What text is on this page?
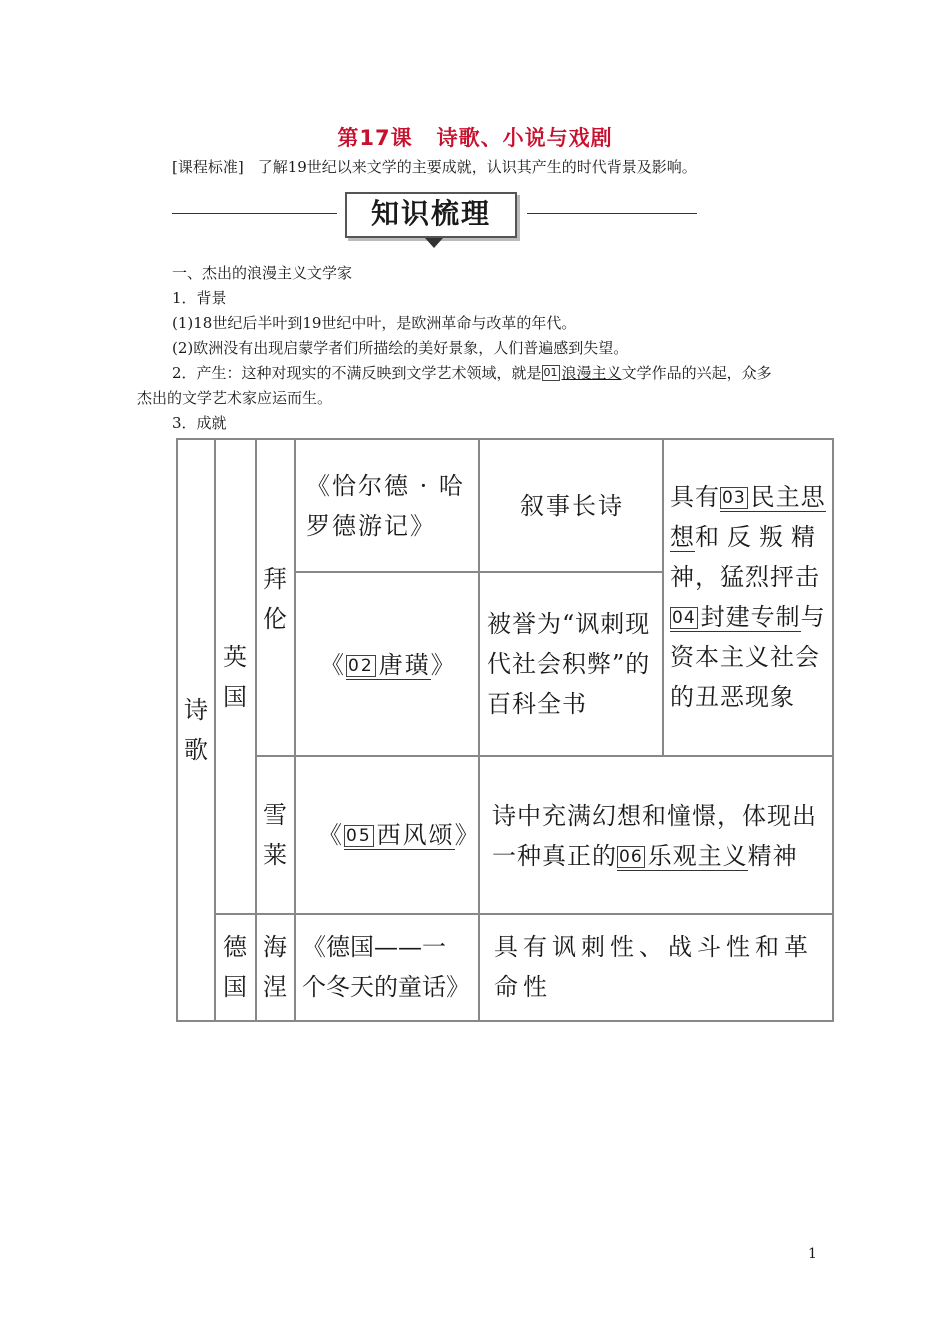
第17课 诗歌、小说与戏剧
[课程标准] 了解19世纪以来文学的主要成就，认识其产生的时代背景及影响。
知识梳理
一、杰出的浪漫主义文学家
1．背景
(1)18世纪后半叶到19世纪中叶，是欧洲革命与改革的年代。
(2)欧洲没有出现启蒙学者们所描绘的美好景象，人们普遍感到失望。
2．产生：这种对现实的不满反映到文学艺术领域，就是 01 浪漫主义文学作品的兴起，众多
杰出的文学艺术家应运而生。
3．成就
诗歌
英国
德国
拜伦
雪莱
海涅
《恰尔德 · 哈
罗德游记》
叙事长诗
《 02 唐璜》
被誉为“讽刺现
代社会积弊”的
百科全书
具有 03 民主思
想和反叛精
神，猛烈抨击
04 封建专制与
资本主义社会
的丑恶现象
《 05 西风颂》
诗中充满幻想和憧憬，体现出
一种真正的 06 乐观主义精神
《德国——一
个冬天的童话》
具有讽刺性、战斗性和革
命性
1
